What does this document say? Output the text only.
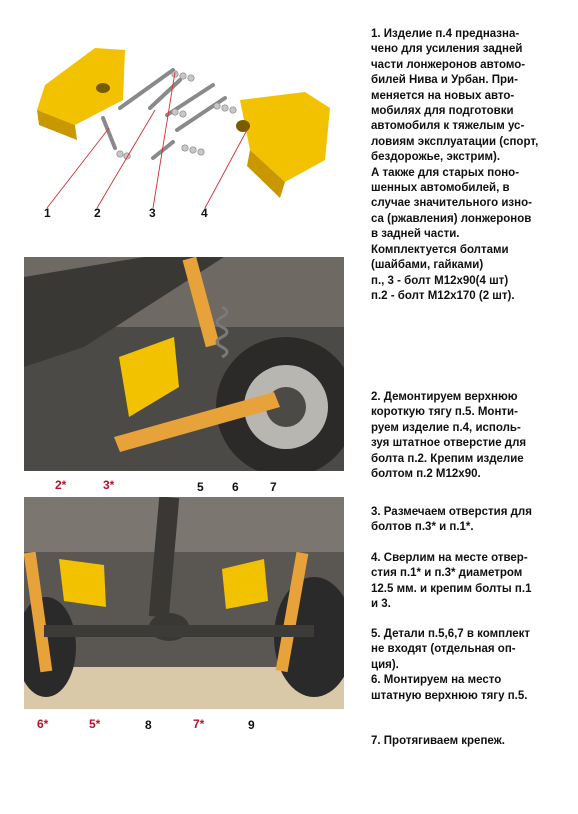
1	2	3	4
2*	3*	5 6	7
6*	5*	8	7*	9
1. Изделие п.4 предназна-
чено для усиления задней
части лонжеронов автомо-
билей Нива и Урбан. При-
меняется на новых авто-
мобилях для подготовки
автомобиля к тяжелым ус-
ловиям эксплуатации (спорт,
бездорожье, экстрим).
А также для старых поно-
шенных автомобилей, в
случае значительного изно-
са (ржавления) лонжеронов
в задней части.
Комплектуется болтами
(шайбами, гайками)
п., 3 - болт М12х90(4 шт)
п.2 - болт М12х170 (2 шт).
2. Демонтируем верхнюю
короткую тягу п.5. Монти-
руем изделие п.4, исполь-
зуя штатное отверстие для
болта п.2. Крепим изделие
болтом п.2 М12х90.
3. Размечаем отверстия для
болтов п.3* и п.1*.
4. Сверлим на месте отвер-
стия п.1* и п.3* диаметром
12.5 мм. и крепим болты п.1
и 3.
5. Детали п.5,6,7 в комплект
не входят (отдельная оп-
ция).
6. Монтируем на место
штатную верхнюю тягу п.5.
7. Протягиваем крепеж.
